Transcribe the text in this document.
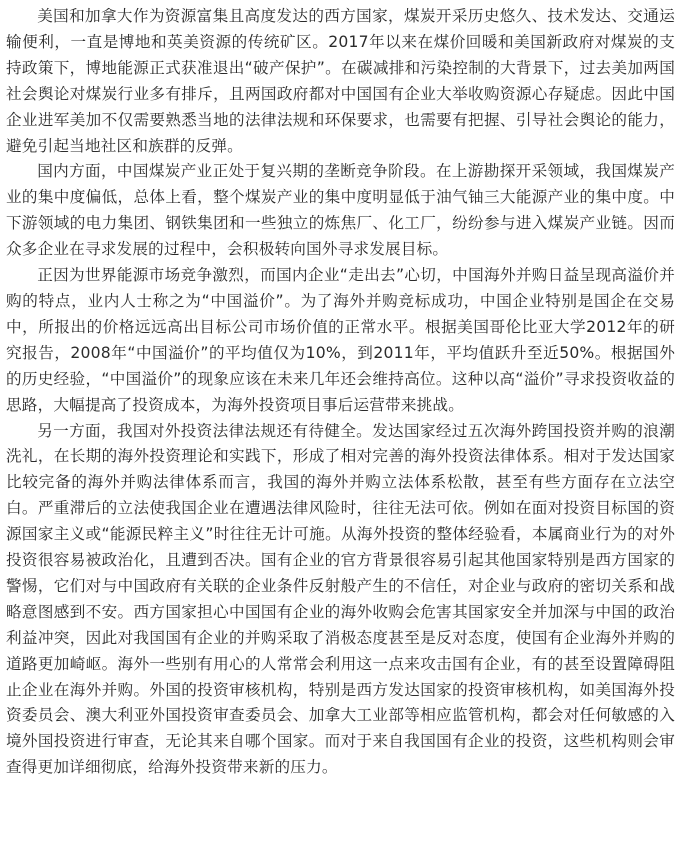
美国和加拿大作为资源富集且高度发达的西方国家，煤炭开采历史悠久、技术发达、交通运输便利，一直是博地和英美资源的传统矿区。2017年以来在煤价回暖和美国新政府对煤炭的支持政策下，博地能源正式获准退出“破产保护”。在碳减排和污染控制的大背景下，过去美加两国社会舆论对煤炭行业多有排斥，且两国政府都对中国国有企业大举收购资源心存疑虑。因此中国企业进军美加不仅需要熟悉当地的法律法规和环保要求，也需要有把握、引导社会舆论的能力，避免引起当地社区和族群的反弹。

国内方面，中国煤炭产业正处于复兴期的垄断竞争阶段。在上游勘探开采领域，我国煤炭产业的集中度偏低，总体上看，整个煤炭产业的集中度明显低于油气铀三大能源产业的集中度。中下游领域的电力集团、钢铁集团和一些独立的炼焦厂、化工厂，纷纷参与进入煤炭产业链。因而众多企业在寻求发展的过程中，会积极转向国外寻求发展目标。

正因为世界能源市场竞争激烈，而国内企业“走出去”心切，中国海外并购日益呈现高溢价并购的特点，业内人士称之为“中国溢价”。为了海外并购竞标成功，中国企业特别是国企在交易中，所报出的价格远远高出目标公司市场价值的正常水平。根据美国哥伦比亚大学2012年的研究报告，2008年“中国溢价”的平均值仅为10%，到2011年，平均值跃升至近50%。根据国外的历史经验，“中国溢价”的现象应该在未来几年还会维持高位。这种以高“溢价”寻求投资收益的思路，大幅提高了投资成本，为海外投资项目事后运营带来挑战。

另一方面，我国对外投资法律法规还有待健全。发达国家经过五次海外跨国投资并购的浪潮洗礼，在长期的海外投资理论和实践下，形成了相对完善的海外投资法律体系。相对于发达国家比较完备的海外并购法律体系而言，我国的海外并购立法体系松散，甚至有些方面存在立法空白。严重滞后的立法使我国企业在遭遇法律风险时，往往无法可依。例如在面对投资目标国的资源国家主义或“能源民粹主义”时往往无计可施。从海外投资的整体经验看，本属商业行为的对外投资很容易被政治化，且遭到否决。国有企业的官方背景很容易引起其他国家特别是西方国家的警惕，它们对与中国政府有关联的企业条件反射般产生的不信任，对企业与政府的密切关系和战略意图感到不安。西方国家担心中国国有企业的海外收购会危害其国家安全并加深与中国的政治利益冲突，因此对我国国有企业的并购采取了消极态度甚至是反对态度，使国有企业海外并购的道路更加崎岖。海外一些别有用心的人常常会利用这一点来攻击国有企业，有的甚至设置障碍阻止企业在海外并购。外国的投资审核机构，特别是西方发达国家的投资审核机构，如美国海外投资委员会、澳大利亚外国投资审查委员会、加拿大工业部等相应监管机构，都会对任何敏感的入境外国投资进行审查，无论其来自哪个国家。而对于来自我国国有企业的投资，这些机构则会审查得更加详细彻底，给海外投资带来新的压力。
